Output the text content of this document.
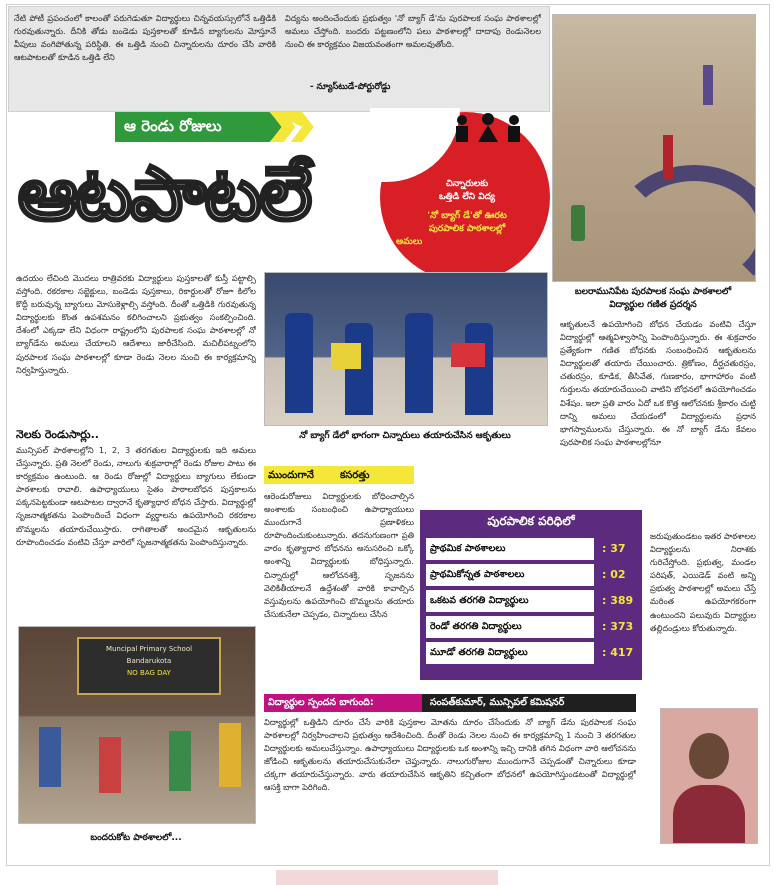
నేటి పోటీ ప్రపంచంలో కాలంతో పరుగెడుతూ విద్యార్థులు చిన్నవయస్సులోనే ఒత్తిడికి గురవుతున్నారు. దీనికి తోడు బండెడు పుస్తకాలతో కూడిన బ్యాగులను మోస్తూనే వీపులు వంగిపోతున్న పరిస్థితి. ఈ ఒత్తిడి నుంచి చిన్నారులను దూరం చేసి వారికి ఆటపాటలతో కూడిన ఒత్తిడి లేని
విద్యను అందించేందుకు ప్రభుత్వం 'నో బ్యాగ్ డే'ను పురపాలక సంఘ పాఠశాలల్లో అమలు చేస్తోంది. బందరు పట్టణంలోని పలు పాఠశాలల్లో దాదాపు రెండునెలల నుంచి ఈ కార్యక్రమం విజయవంతంగా అమలవుతోంది.
- న్యూస్‌టుడే-పోర్టురోడ్డు
బలరామునిపేట పురపాలక సంఘ పాఠశాలలో విద్యార్థుల గణిత ప్రదర్శన
ఆ రెండు రోజులు
ఆటపాటలే	చిన్నారులకు
ఒత్తిడి లేని విద్య
'నో బ్యాగ్ డే'తో ఊరట
పురపాలిక పాఠశాలల్లో
అమలు
ఉదయం లేచింది మొదలు రాత్రివరకు విద్యార్థులు పుస్తకాలతో కుస్తీ పట్టాల్సి వస్తోంది. రకరకాల సబ్జెక్టులు, బండెడు పుస్తకాలు, రికార్డులతో రోజూ కిలోల కొద్దీ బరువున్న బ్యాగులు మోసుకెళ్లాల్సి వస్తోంది. దీంతో ఒత్తిడికి గురవుతున్న విద్యార్థులకు కొంత ఉపశమనం కలిగించాలని ప్రభుత్వం సంకల్పించింది. దేశంలో ఎక్కడా లేని విధంగా రాష్ట్రంలోని పురపాలక సంఘ పాఠశాలల్లో నో బ్యాగ్‌డేను అమలు చేయాలని ఆదేశాలు జారీచేసింది. మచిలీపట్నంలోని పురపాలక సంఘ పాఠశాలల్లో కూడా రెండు నెలల నుంచి ఈ కార్యక్రమాన్ని నిర్వహిస్తున్నారు.
నెలకు రెండుసార్లు..
మున్సిపల్ పాఠశాలల్లోని 1, 2, 3 తరగతుల విద్యార్థులకు ఇది అమలు చేస్తున్నారు. ప్రతి నెలలో రెండు, నాలుగు శుక్రవారాల్లో రెండు రోజుల పాటు ఈ కార్యక్రమం ఉంటుంది. ఆ రెండు రోజుల్లో విద్యార్థులు బ్యాగులు లేకుండా పాఠశాలకు రావాలి. ఉపాధ్యాయులు సైతం పాఠాలబోధన పుస్తకాలను పక్కనపెట్టకుండా ఆటపాటల ద్వారానే కృత్యాధార బోధన చేస్తారు. విద్యార్థుల్లో సృజనాత్మకతను పెంపొందించే విధంగా వ్యర్థాలను ఉపయోగించి రకరకాల బొమ్మలను తయారుచేయిస్తారు. రాగితాలతో అందమైన ఆకృతులను రూపొందించడం వంటివి చేస్తూ వారిలో సృజనాత్మకతను పెంపొందిస్తున్నారు.
నో బ్యాగ్ డేలో భాగంగా చిన్నారులు తయారుచేసిన ఆకృతులు
ముందుగానే	కసరత్తు
ఆరెండురోజులు విద్యార్థులకు బోధించాల్సిన అంశాలకు సంబంధించి ఉపాధ్యాయులు ముందుగానే ప్రణాళికలు రూపొందించుకుంటున్నారు. తదనుగుణంగా ప్రతి వారం కృత్యాధార బోధనను అనుసరించి ఒక్కో అంశాన్ని విద్యార్థులకు బోధిస్తున్నారు. చిన్నారుల్లో ఆలోచనశక్తి, సృజనను వెలికితీయాలనే ఉద్దేశంతో వారికి కావాల్సిన వస్తువులను ఉపయోగించి బొమ్మలను తయారు చేసుకునేలా చెప్పడం, చిన్నారులు చేసిన
ఆకృతులనే ఉపయోగించి బోధన చేయడం వంటివి చేస్తూ విద్యార్థుల్లో ఆత్మవిశ్వాసాన్ని పెంపొందిస్తున్నారు. ఈ శుక్రవారం ప్రత్యేకంగా గణిత బోధనకు సంబంధించిన ఆకృతులను విద్యార్థులతో తయారు చేయించారు. త్రికోణం, దీర్ఘచతురస్రం, చతురస్రం, కూడిక, తీసివేత, గుణకారం, భాగాహారం వంటి గుర్తులను తయారుచేయించి వాటిని బోధనలో ఉపయోగించడం విశేషం. ఇలా ప్రతి వారం ఏదో ఒక కొత్త ఆలోచనకు శ్రీకారం చుట్టి దాన్ని అమలు చేయడంలో విద్యార్థులను ప్రధాన భాగస్వాములను చేస్తున్నారు. ఈ నో బ్యాగ్ డేను కేవలం పురపాలిక సంఘ పాఠశాలల్లోనూ
జరుపుతుండటం ఇతర పాఠశాలల విద్యార్థులను నిరాశకు గురిచేస్తోంది. ప్రభుత్వ, మండల పరిషత్, ఎయిడెడ్ వంటి అన్ని ప్రభుత్వ పాఠశాలల్లో అమలు చేస్తే మరింత ఉపయోగకరంగా ఉంటుందని పలువురు విద్యార్థుల తల్లిదండ్రులు కోరుతున్నారు.
పురపాలిక పరిధిలో
ప్రాథమిక పాఠశాలలు	: 37
ప్రాథమికోన్నత పాఠశాలలు	: 02
ఒకటవ తరగతి విద్యార్థులు	: 389
రెండో తరగతి విద్యార్థులు	: 373
మూడో తరగతి విద్యార్థులు	: 417
Muncipal Primary School
Bandarukota
NO BAG DAY
బందరుకోట పాఠశాలలో...
విద్యార్థుల స్పందన బాగుంది:	సంపత్‌కుమార్, మున్సిపల్ కమిషనర్
విద్యార్థుల్లో ఒత్తిడిని దూరం చేసే వారికి పుస్తకాల మోతను దూరం చేసేందుకు నో బ్యాగ్ డేను పురపాలక సంఘ పాఠశాలల్లో నిర్వహించాలని ప్రభుత్వం ఆదేశించింది. దీంతో రెండు నెలల నుంచి ఈ కార్యక్రమాన్ని 1 నుంచి 3 తరగతుల విద్యార్థులకు అమలుచేస్తున్నాం. ఉపాధ్యాయులు విద్యార్థులకు ఒక అంశాన్ని ఇచ్చి దానికి తగిన విధంగా వారి ఆలోచనను జోడించి ఆకృతులను తయారుచేసుకునేలా చెప్తున్నారు. నాలుగురోజుల ముందుగానే చెప్పడంతో చిన్నారులు కూడా చక్కగా తయారుచేస్తున్నారు. వారు తయారుచేసిన ఆకృతిని కచ్చితంగా బోధనలో ఉపయోగిస్తుండటంతో విద్యార్థుల్లో ఆసక్తి బాగా పెరిగింది.
